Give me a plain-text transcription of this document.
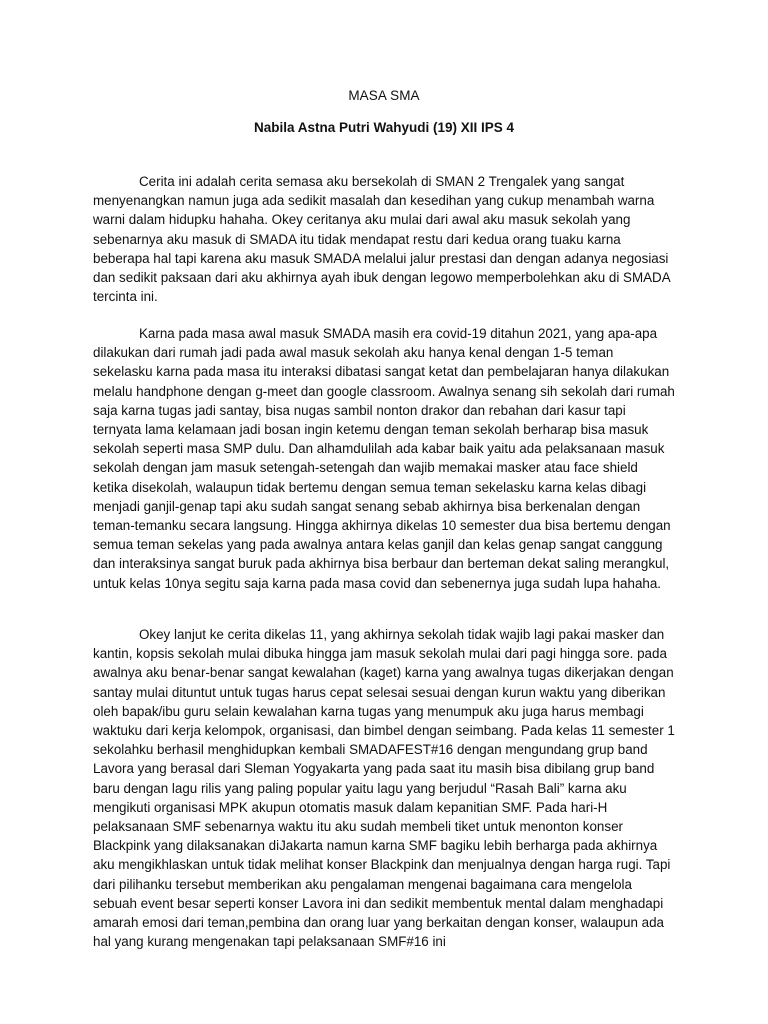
MASA SMA
Nabila Astna Putri Wahyudi (19) XII IPS 4

Cerita ini adalah cerita semasa aku bersekolah di SMAN 2 Trengalek yang sangat menyenangkan namun juga ada sedikit masalah dan kesedihan yang cukup menambah warna warni dalam hidupku hahaha. Okey ceritanya aku mulai dari awal aku masuk sekolah yang sebenarnya aku masuk di SMADA itu tidak mendapat restu dari kedua orang tuaku karna beberapa hal tapi karena aku masuk SMADA melalui jalur prestasi dan dengan adanya negosiasi dan sedikit paksaan dari aku akhirnya ayah ibuk dengan legowo memperbolehkan aku di SMADA tercinta ini.

Karna pada masa awal masuk SMADA masih era covid-19 ditahun 2021, yang apa-apa dilakukan dari rumah jadi pada awal masuk sekolah aku hanya kenal dengan 1-5 teman sekelasku karna pada masa itu interaksi dibatasi sangat ketat dan pembelajaran hanya dilakukan melalu handphone dengan g-meet dan google classroom. Awalnya senang sih sekolah dari rumah saja karna tugas jadi santay, bisa nugas sambil nonton drakor dan rebahan dari kasur tapi ternyata lama kelamaan jadi bosan ingin ketemu dengan teman sekolah berharap bisa masuk sekolah seperti masa SMP dulu. Dan alhamdulilah ada kabar baik yaitu ada pelaksanaan masuk sekolah dengan jam masuk setengah-setengah dan wajib memakai masker atau face shield ketika disekolah, walaupun tidak bertemu dengan semua teman sekelasku karna kelas dibagi menjadi ganjil-genap tapi aku sudah sangat senang sebab akhirnya bisa berkenalan dengan teman-temanku secara langsung. Hingga akhirnya dikelas 10 semester dua bisa bertemu dengan semua teman sekelas yang pada awalnya antara kelas ganjil dan kelas genap sangat canggung dan interaksinya sangat buruk pada akhirnya bisa berbaur dan berteman dekat saling merangkul, untuk kelas 10nya segitu saja karna pada masa covid dan sebenernya juga sudah lupa hahaha.

Okey lanjut ke cerita dikelas 11, yang akhirnya sekolah tidak wajib lagi pakai masker dan kantin, kopsis sekolah mulai dibuka hingga jam masuk sekolah mulai dari pagi hingga sore. pada awalnya aku benar-benar sangat kewalahan (kaget) karna yang awalnya tugas dikerjakan dengan santay mulai dituntut untuk tugas harus cepat selesai sesuai dengan kurun waktu yang diberikan oleh bapak/ibu guru selain kewalahan karna tugas yang menumpuk aku juga harus membagi waktuku dari kerja kelompok, organisasi, dan bimbel dengan seimbang. Pada kelas 11 semester 1 sekolahku berhasil menghidupkan kembali SMADAFEST#16 dengan mengundang grup band Lavora yang berasal dari Sleman Yogyakarta yang pada saat itu masih bisa dibilang grup band baru dengan lagu rilis yang paling popular yaitu lagu yang berjudul “Rasah Bali” karna aku mengikuti organisasi MPK akupun otomatis masuk dalam kepanitian SMF. Pada hari-H pelaksanaan SMF sebenarnya waktu itu aku sudah membeli tiket untuk menonton konser Blackpink yang dilaksanakan diJakarta namun karna SMF bagiku lebih berharga pada akhirnya aku mengikhlaskan untuk tidak melihat konser Blackpink dan menjualnya dengan harga rugi. Tapi dari pilihanku tersebut memberikan aku pengalaman mengenai bagaimana cara mengelola sebuah event besar seperti konser Lavora ini dan sedikit membentuk mental dalam menghadapi amarah emosi dari teman,pembina dan orang luar yang berkaitan dengan konser, walaupun ada hal yang kurang mengenakan tapi pelaksanaan SMF#16 ini
